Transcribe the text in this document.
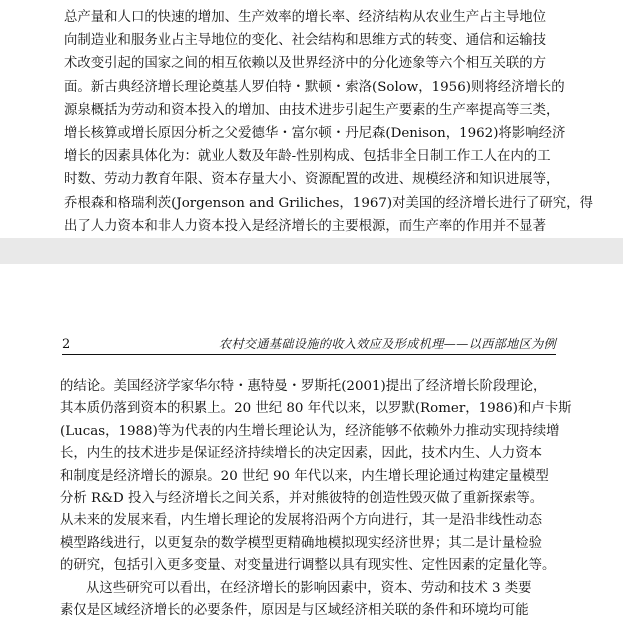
总产量和人口的快速的增加、生产效率的增长率、经济结构从农业生产占主导地位
向制造业和服务业占主导地位的变化、社会结构和思维方式的转变、通信和运输技
术改变引起的国家之间的相互依赖以及世界经济中的分化迹象等六个相互关联的方
面。新古典经济增长理论奠基人罗伯特・默顿・索洛(Solow，1956)则将经济增长的
源泉概括为劳动和资本投入的增加、由技术进步引起生产要素的生产率提高等三类，
增长核算或增长原因分析之父爱德华・富尔顿・丹尼森(Denison，1962)将影响经济
增长的因素具体化为：就业人数及年龄-性别构成、包括非全日制工作工人在内的工
时数、劳动力教育年限、资本存量大小、资源配置的改进、规模经济和知识进展等，
乔根森和格瑞利茨(Jorgenson and Griliches，1967)对美国的经济增长进行了研究，得
出了人力资本和非人力资本投入是经济增长的主要根源，而生产率的作用并不显著
2	农村交通基础设施的收入效应及形成机理——以西部地区为例
的结论。美国经济学家华尔特・惠特曼・罗斯托(2001)提出了经济增长阶段理论，
其本质仍落到资本的积累上。20 世纪 80 年代以来，以罗默(Romer，1986)和卢卡斯
(Lucas，1988)等为代表的内生增长理论认为，经济能够不依赖外力推动实现持续增
长，内生的技术进步是保证经济持续增长的决定因素，因此，技术内生、人力资本
和制度是经济增长的源泉。20 世纪 90 年代以来，内生增长理论通过构建定量模型
分析 R&D 投入与经济增长之间关系，并对熊彼特的创造性毁灭做了重新探索等。
从未来的发展来看，内生增长理论的发展将沿两个方向进行，其一是沿非线性动态
模型路线进行，以更复杂的数学模型更精确地模拟现实经济世界；其二是计量检验
的研究，包括引入更多变量、对变量进行调整以具有现实性、定性因素的定量化等。
从这些研究可以看出，在经济增长的影响因素中，资本、劳动和技术 3 类要
素仅是区域经济增长的必要条件，原因是与区域经济相关联的条件和环境均可能
